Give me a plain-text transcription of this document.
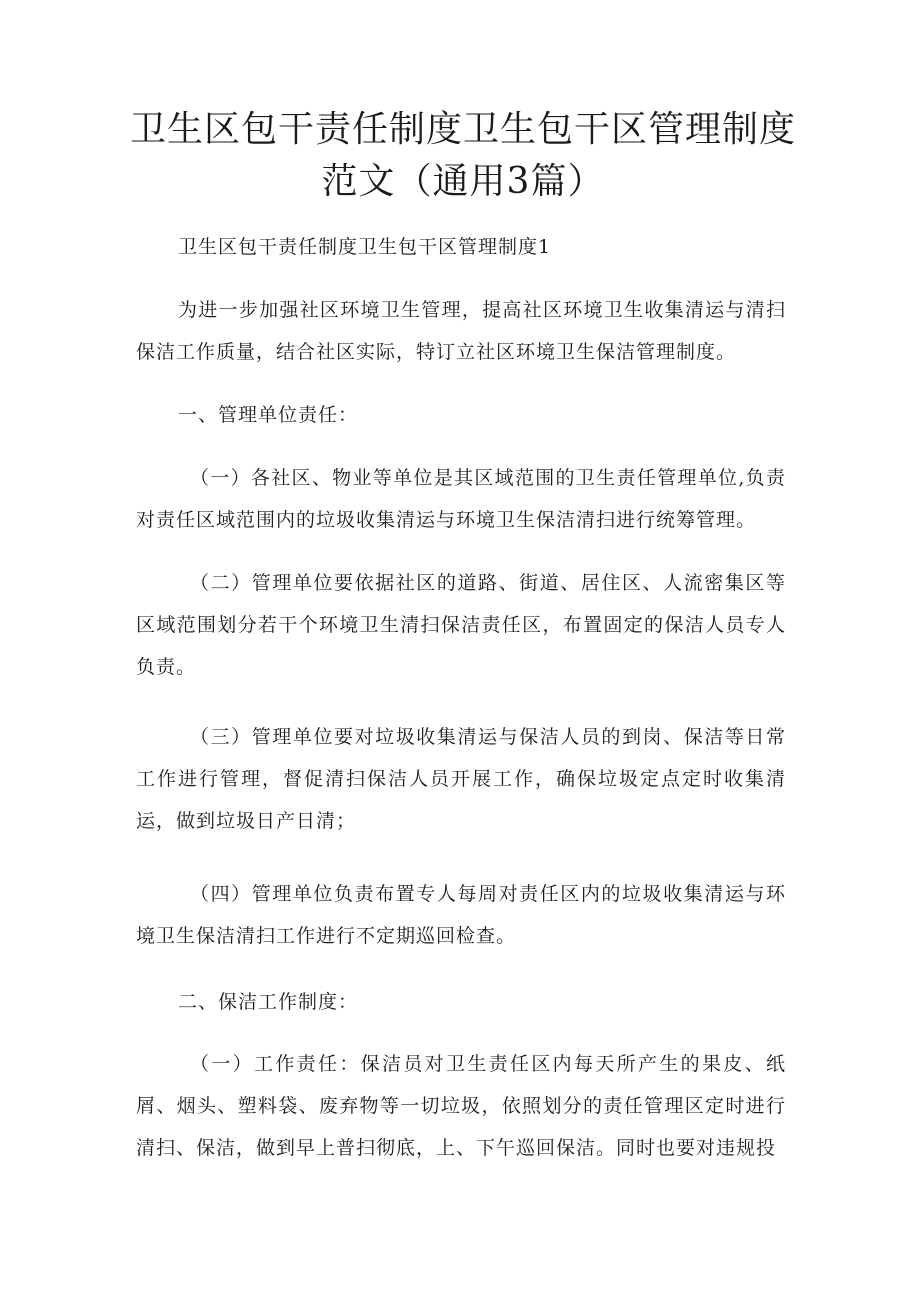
卫生区包干责任制度卫生包干区管理制度范文（通用3篇）

卫生区包干责任制度卫生包干区管理制度1

为进一步加强社区环境卫生管理，提高社区环境卫生收集清运与清扫保洁工作质量，结合社区实际，特订立社区环境卫生保洁管理制度。

一、管理单位责任：

（一）各社区、物业等单位是其区域范围的卫生责任管理单位,负责对责任区域范围内的垃圾收集清运与环境卫生保洁清扫进行统筹管理。

（二）管理单位要依据社区的道路、街道、居住区、人流密集区等区域范围划分若干个环境卫生清扫保洁责任区，布置固定的保洁人员专人负责。

（三）管理单位要对垃圾收集清运与保洁人员的到岗、保洁等日常工作进行管理，督促清扫保洁人员开展工作，确保垃圾定点定时收集清运，做到垃圾日产日清；

（四）管理单位负责布置专人每周对责任区内的垃圾收集清运与环境卫生保洁清扫工作进行不定期巡回检查。

二、保洁工作制度：

（一）工作责任：保洁员对卫生责任区内每天所产生的果皮、纸屑、烟头、塑料袋、废弃物等一切垃圾，依照划分的责任管理区定时进行清扫、保洁，做到早上普扫彻底，上、下午巡回保洁。同时也要对违规投
